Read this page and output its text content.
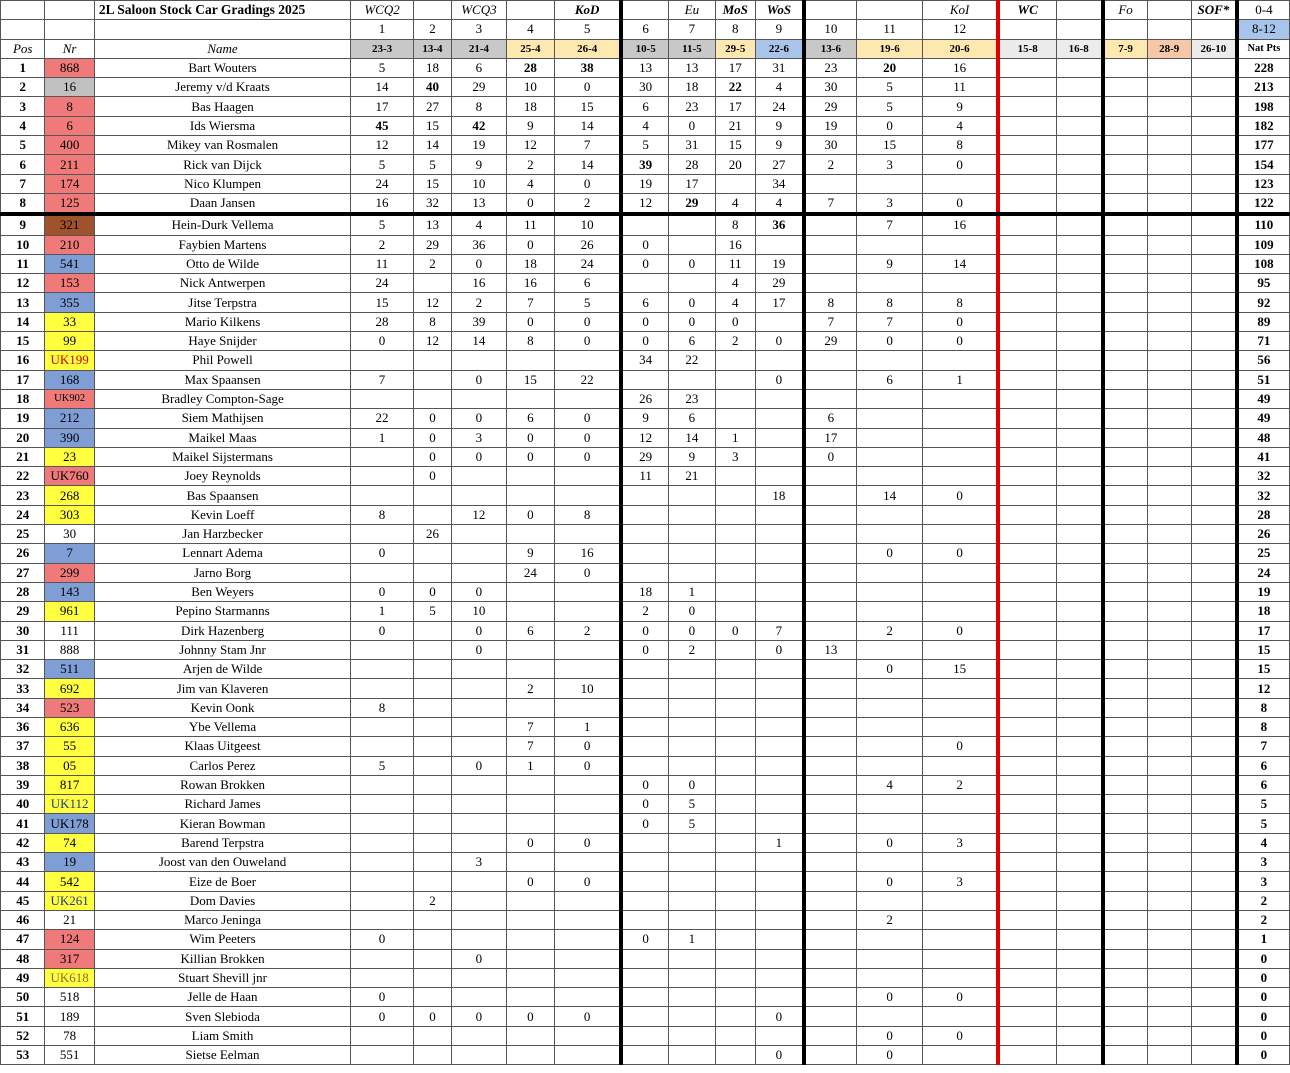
		2L Saloon Stock Car Gradings 2025	WCQ2		WCQ3		KoD		Eu	MoS	WoS			KoI	WC		Fo		SOF*	0-4
			1	2	3	4	5	6	7	8	9	10	11	12						8-12
Pos	Nr	Name	23-3	13-4	21-4	25-4	26-4	10-5	11-5	29-5	22-6	13-6	19-6	20-6	15-8	16-8	7-9	28-9	26-10	Nat Pts
1	868	Bart Wouters	5	18	6	28	38	13	13	17	31	23	20	16						228
2	16	Jeremy v/d Kraats	14	40	29	10	0	30	18	22	4	30	5	11						213
3	8	Bas Haagen	17	27	8	18	15	6	23	17	24	29	5	9						198
4	6	Ids Wiersma	45	15	42	9	14	4	0	21	9	19	0	4						182
5	400	Mikey van Rosmalen	12	14	19	12	7	5	31	15	9	30	15	8						177
6	211	Rick van Dijck	5	5	9	2	14	39	28	20	27	2	3	0						154
7	174	Nico Klumpen	24	15	10	4	0	19	17		34									123
8	125	Daan Jansen	16	32	13	0	2	12	29	4	4	7	3	0						122
9	321	Hein-Durk Vellema	5	13	4	11	10			8	36		7	16						110
10	210	Faybien Martens	2	29	36	0	26	0		16										109
11	541	Otto de Wilde	11	2	0	18	24	0	0	11	19		9	14						108
12	153	Nick Antwerpen	24		16	16	6			4	29									95
13	355	Jitse Terpstra	15	12	2	7	5	6	0	4	17	8	8	8						92
14	33	Mario Kilkens	28	8	39	0	0	0	0	0		7	7	0						89
15	99	Haye Snijder	0	12	14	8	0	0	6	2	0	29	0	0						71
16	UK199	Phil Powell						34	22											56
17	168	Max Spaansen	7		0	15	22				0		6	1						51
18	UK902	Bradley Compton-Sage						26	23											49
19	212	Siem Mathijsen	22	0	0	6	0	9	6			6								49
20	390	Maikel Maas	1	0	3	0	0	12	14	1		17								48
21	23	Maikel Sijstermans		0	0	0	0	29	9	3		0								41
22	UK760	Joey Reynolds		0				11	21											32
23	268	Bas Spaansen									18		14	0						32
24	303	Kevin Loeff	8		12	0	8													28
25	30	Jan Harzbecker		26																26
26	7	Lennart Adema	0			9	16						0	0						25
27	299	Jarno Borg				24	0													24
28	143	Ben Weyers	0	0	0			18	1											19
29	961	Pepino Starmanns	1	5	10			2	0											18
30	111	Dirk Hazenberg	0		0	6	2	0	0	0	7		2	0						17
31	888	Johnny Stam Jnr			0			0	2		0	13								15
32	511	Arjen de Wilde											0	15						15
33	692	Jim van Klaveren				2	10													12
34	523	Kevin Oonk	8																	8
36	636	Ybe Vellema				7	1													8
37	55	Klaas Uitgeest				7	0							0						7
38	05	Carlos Perez	5		0	1	0													6
39	817	Rowan Brokken						0	0				4	2						6
40	UK112	Richard James						0	5											5
41	UK178	Kieran Bowman						0	5											5
42	74	Barend Terpstra				0	0				1		0	3						4
43	19	Joost van den Ouweland			3															3
44	542	Eize de Boer				0	0						0	3						3
45	UK261	Dom Davies		2																2
46	21	Marco Jeninga											2							2
47	124	Wim Peeters	0					0	1											1
48	317	Killian Brokken			0															0
49	UK618	Stuart Shevill jnr																		0
50	518	Jelle de Haan	0										0	0						0
51	189	Sven Slebioda	0	0	0	0	0				0									0
52	78	Liam Smith											0	0						0
53	551	Sietse Eelman									0		0							0
